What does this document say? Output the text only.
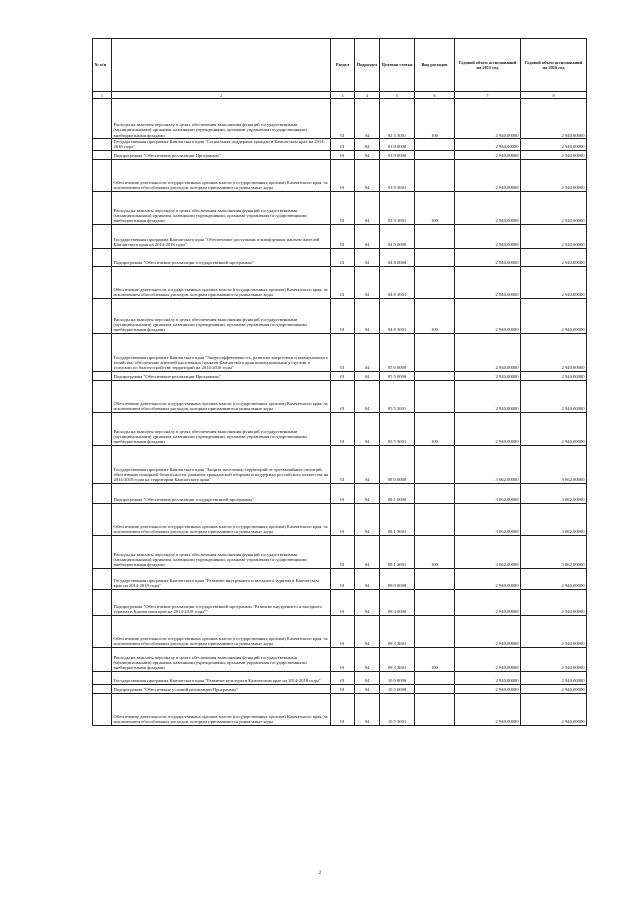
№ п/п		Раздел	Подраздел	Целевая статья	Вид расходов	Годовой объем ассигнований на 2015 год	Годовой объем ассигнований на 2016 год
1	2	3	4	5	6	7	8
	Расходы на выплаты персоналу в целях обеспечения выполнения функций государственными (муниципальными) органами, казенными учреждениями, органами управления государственными внебюджетными фондами	01	04	02 5 3001	100	2 940,00000	2 940,00000
	Государственная программа Камчатского края "Социальная поддержка граждан в Камчатском крае на 2014-2018 годы"	01	04	03 0 0000		2 940,00000	2 940,00000
	Подпрограмма "Обеспечение реализации Программы"	01	04	03 9 0000		2 940,00000	2 940,00000
	Обеспечение деятельности государственных органов власти (государственных органов) Камчатского края, за исключением обособленных расходов, которым присваиваются уникальные коды	01	04	03 9 3001		2 940,00000	2 940,00000
	Расходы на выплаты персоналу в целях обеспечения выполнения функций государственными (муниципальными) органами, казенными учреждениями, органами управления государственными внебюджетными фондами	01	04	03 9 3001	100	2 940,00000	2 940,00000
	Государственная программа Камчатского края "Обеспечение доступным и комфортным жильем жителей Камчатского края на 2014-2018 годы"	01	04	04 0 0000		2 940,00000	2 940,00000
	Подпрограмма "Обеспечение реализации государственной программы"	01	04	04 8 0000		2 940,00000	2 940,00000
	Обеспечение деятельности государственных органов власти (государственных органов) Камчатского края, за исключением обособленных расходов, которым присваиваются уникальные коды	01	04	04 8 3001		2 940,00000	2 940,00000
	Расходы на выплаты персоналу в целях обеспечения выполнения функций государственными (муниципальными) органами, казенными учреждениями, органами управления государственными внебюджетными фондами	01	04	04 8 3001	100	2 940,00000	2 940,00000
	Государственная программа Камчатского края "Энергоэффективность, развитие энергетики и коммунального хозяйства, обеспечение жителей населенных пунктов Камчатского края коммунальными услугами и услугами по благоустройству территорий на 2014-2018 годы"	01	04	05 0 0000		2 940,00000	2 940,00000
	Подпрограмма "Обеспечение реализации Программы"	01	04	05 5 0000		2 940,00000	2 940,00000
	Обеспечение деятельности государственных органов власти (государственных органов) Камчатского края, за исключением обособленных расходов, которым присваиваются уникальные коды	01	04	05 5 3001		2 940,00000	2 940,00000
	Расходы на выплаты персоналу в целях обеспечения выполнения функций государственными (муниципальными) органами, казенными учреждениями, органами управления государственными внебюджетными фондами	01	04	05 5 3001	100	2 940,00000	2 940,00000
	Государственная программа Камчатского края "Защита населения, территорий от чрезвычайных ситуаций, обеспечение пожарной безопасности, развитие гражданской обороны и поддержка российского казачества на 2014-2018 годы на территории Камчатского края"	01	04	08 0 0000		3 062,00000	3 062,00000
	Подпрограмма "Обеспечение реализации государственной программы"	01	04	08 1 0000		3 062,00000	3 062,00000
	Обеспечение деятельности государственных органов власти (государственных органов) Камчатского края, за исключением обособленных расходов, которым присваиваются уникальные коды	01	04	08 1 3001		3 062,00000	3 062,00000
	Расходы на выплаты персоналу в целях обеспечения выполнения функций государственными (муниципальными) органами, казенными учреждениями, органами управления государственными внебюджетными фондами	01	04	08 1 3001	100	3 062,00000	3 062,00000
	Государственная программа Камчатского края "Развитие внутреннего и въездного туризма в Камчатском крае на 2014-2018 годы"	01	04	09 0 0000		2 940,00000	2 940,00000
	Подпрограмма "Обеспечение реализации государственной программы "Развитие внутреннего и въездного туризма в Камчатском крае на 2014-2018 годы""	01	04	09 4 0000		2 940,00000	2 940,00000
	Обеспечение деятельности государственных органов власти (государственных органов) Камчатского края, за исключением обособленных расходов, которым присваиваются уникальные коды	01	04	09 4 3001		2 940,00000	2 940,00000
	Расходы на выплаты персоналу в целях обеспечения выполнения функций государственными (муниципальными) органами, казенными учреждениями, органами управления государственными внебюджетными фондами	01	04	09 4 3001	100	2 940,00000	2 940,00000
	Государственная программа Камчатского края "Развитие культуры в Камчатском крае на 2014-2018 годы"	01	04	10 0 0000		2 940,00000	2 940,00000
	Подпрограмма "Обеспечение условий реализации Программы"	01	04	10 5 0000		2 940,00000	2 940,00000
	Обеспечение деятельности государственных органов власти (государственных органов) Камчатского края, за исключением обособленных расходов, которым присваиваются уникальные коды	01	04	10 5 3001		2 940,00000	2 940,00000
2
